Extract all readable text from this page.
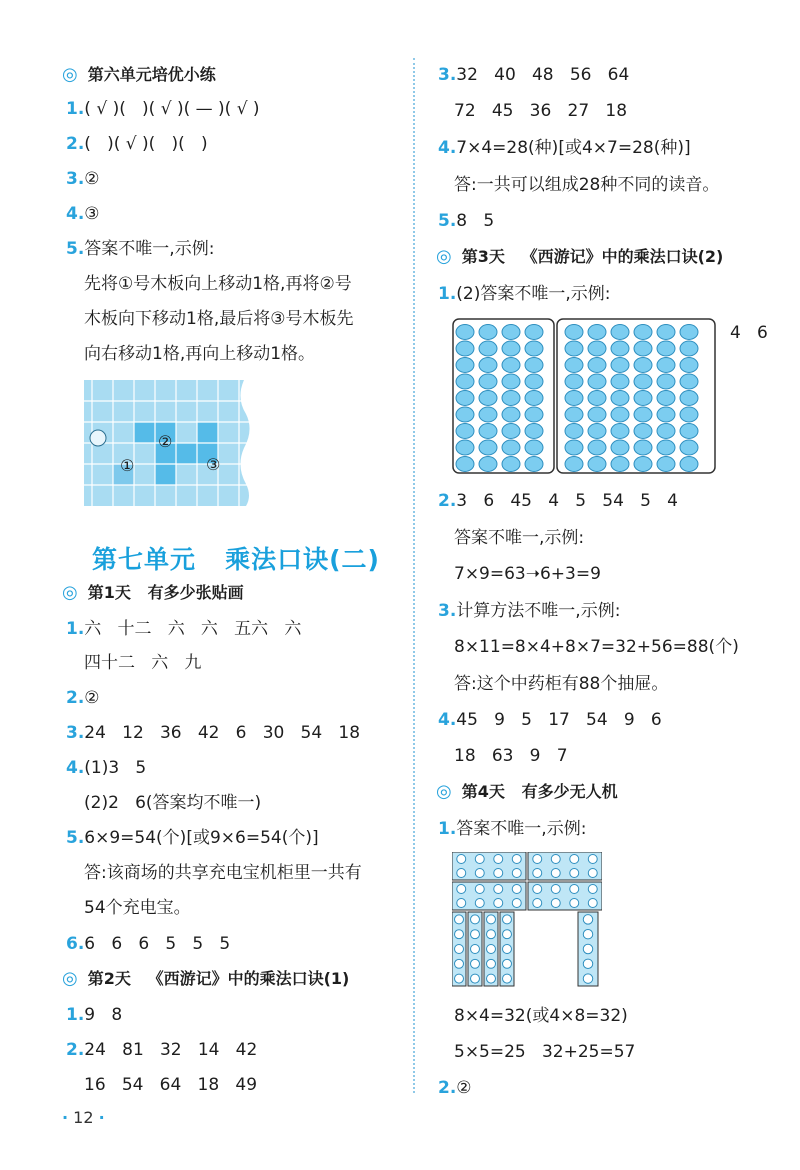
◎ 第六单元培优小练
1.( √ )(   )( √ )( — )( √ )
2.(   )( √ )(   )(   )
3.②
4.③
5.答案不唯一,示例:
先将①号木板向上移动1格,再将②号
木板向下移动1格,最后将③号木板先
向右移动1格,再向上移动1格。
①
②
③
第七单元   乘法口诀(二)
◎ 第1天   有多少张贴画
1.六   十二   六   六   五六   六
四十二   六   九
2.②
3.24   12   36   42   6   30   54   18
4.(1)3   5
(2)2   6(答案均不唯一)
5.6×9=54(个)[或9×6=54(个)]
答:该商场的共享充电宝机柜里一共有
54个充电宝。
6.6   6   6   5   5   5
◎ 第2天   《西游记》中的乘法口诀(1)
1.9   8
2.24   81   32   14   42
16   54   64   18   49
· 12 ·
3.32   40   48   56   64
72   45   36   27   18
4.7×4=28(种)[或4×7=28(种)]
答:一共可以组成28种不同的读音。
5.8   5
◎ 第3天   《西游记》中的乘法口诀(2)
1.(2)答案不唯一,示例:
4   6
2.3   6   45   4   5   54   5   4
答案不唯一,示例:
7×9=63➝6+3=9
3.计算方法不唯一,示例:
8×11=8×4+8×7=32+56=88(个)
答:这个中药柜有88个抽屉。
4.45   9   5   17   54   9   6
18   63   9   7
◎ 第4天   有多少无人机
1.答案不唯一,示例:
8×4=32(或4×8=32)
5×5=25   32+25=57
2.②
